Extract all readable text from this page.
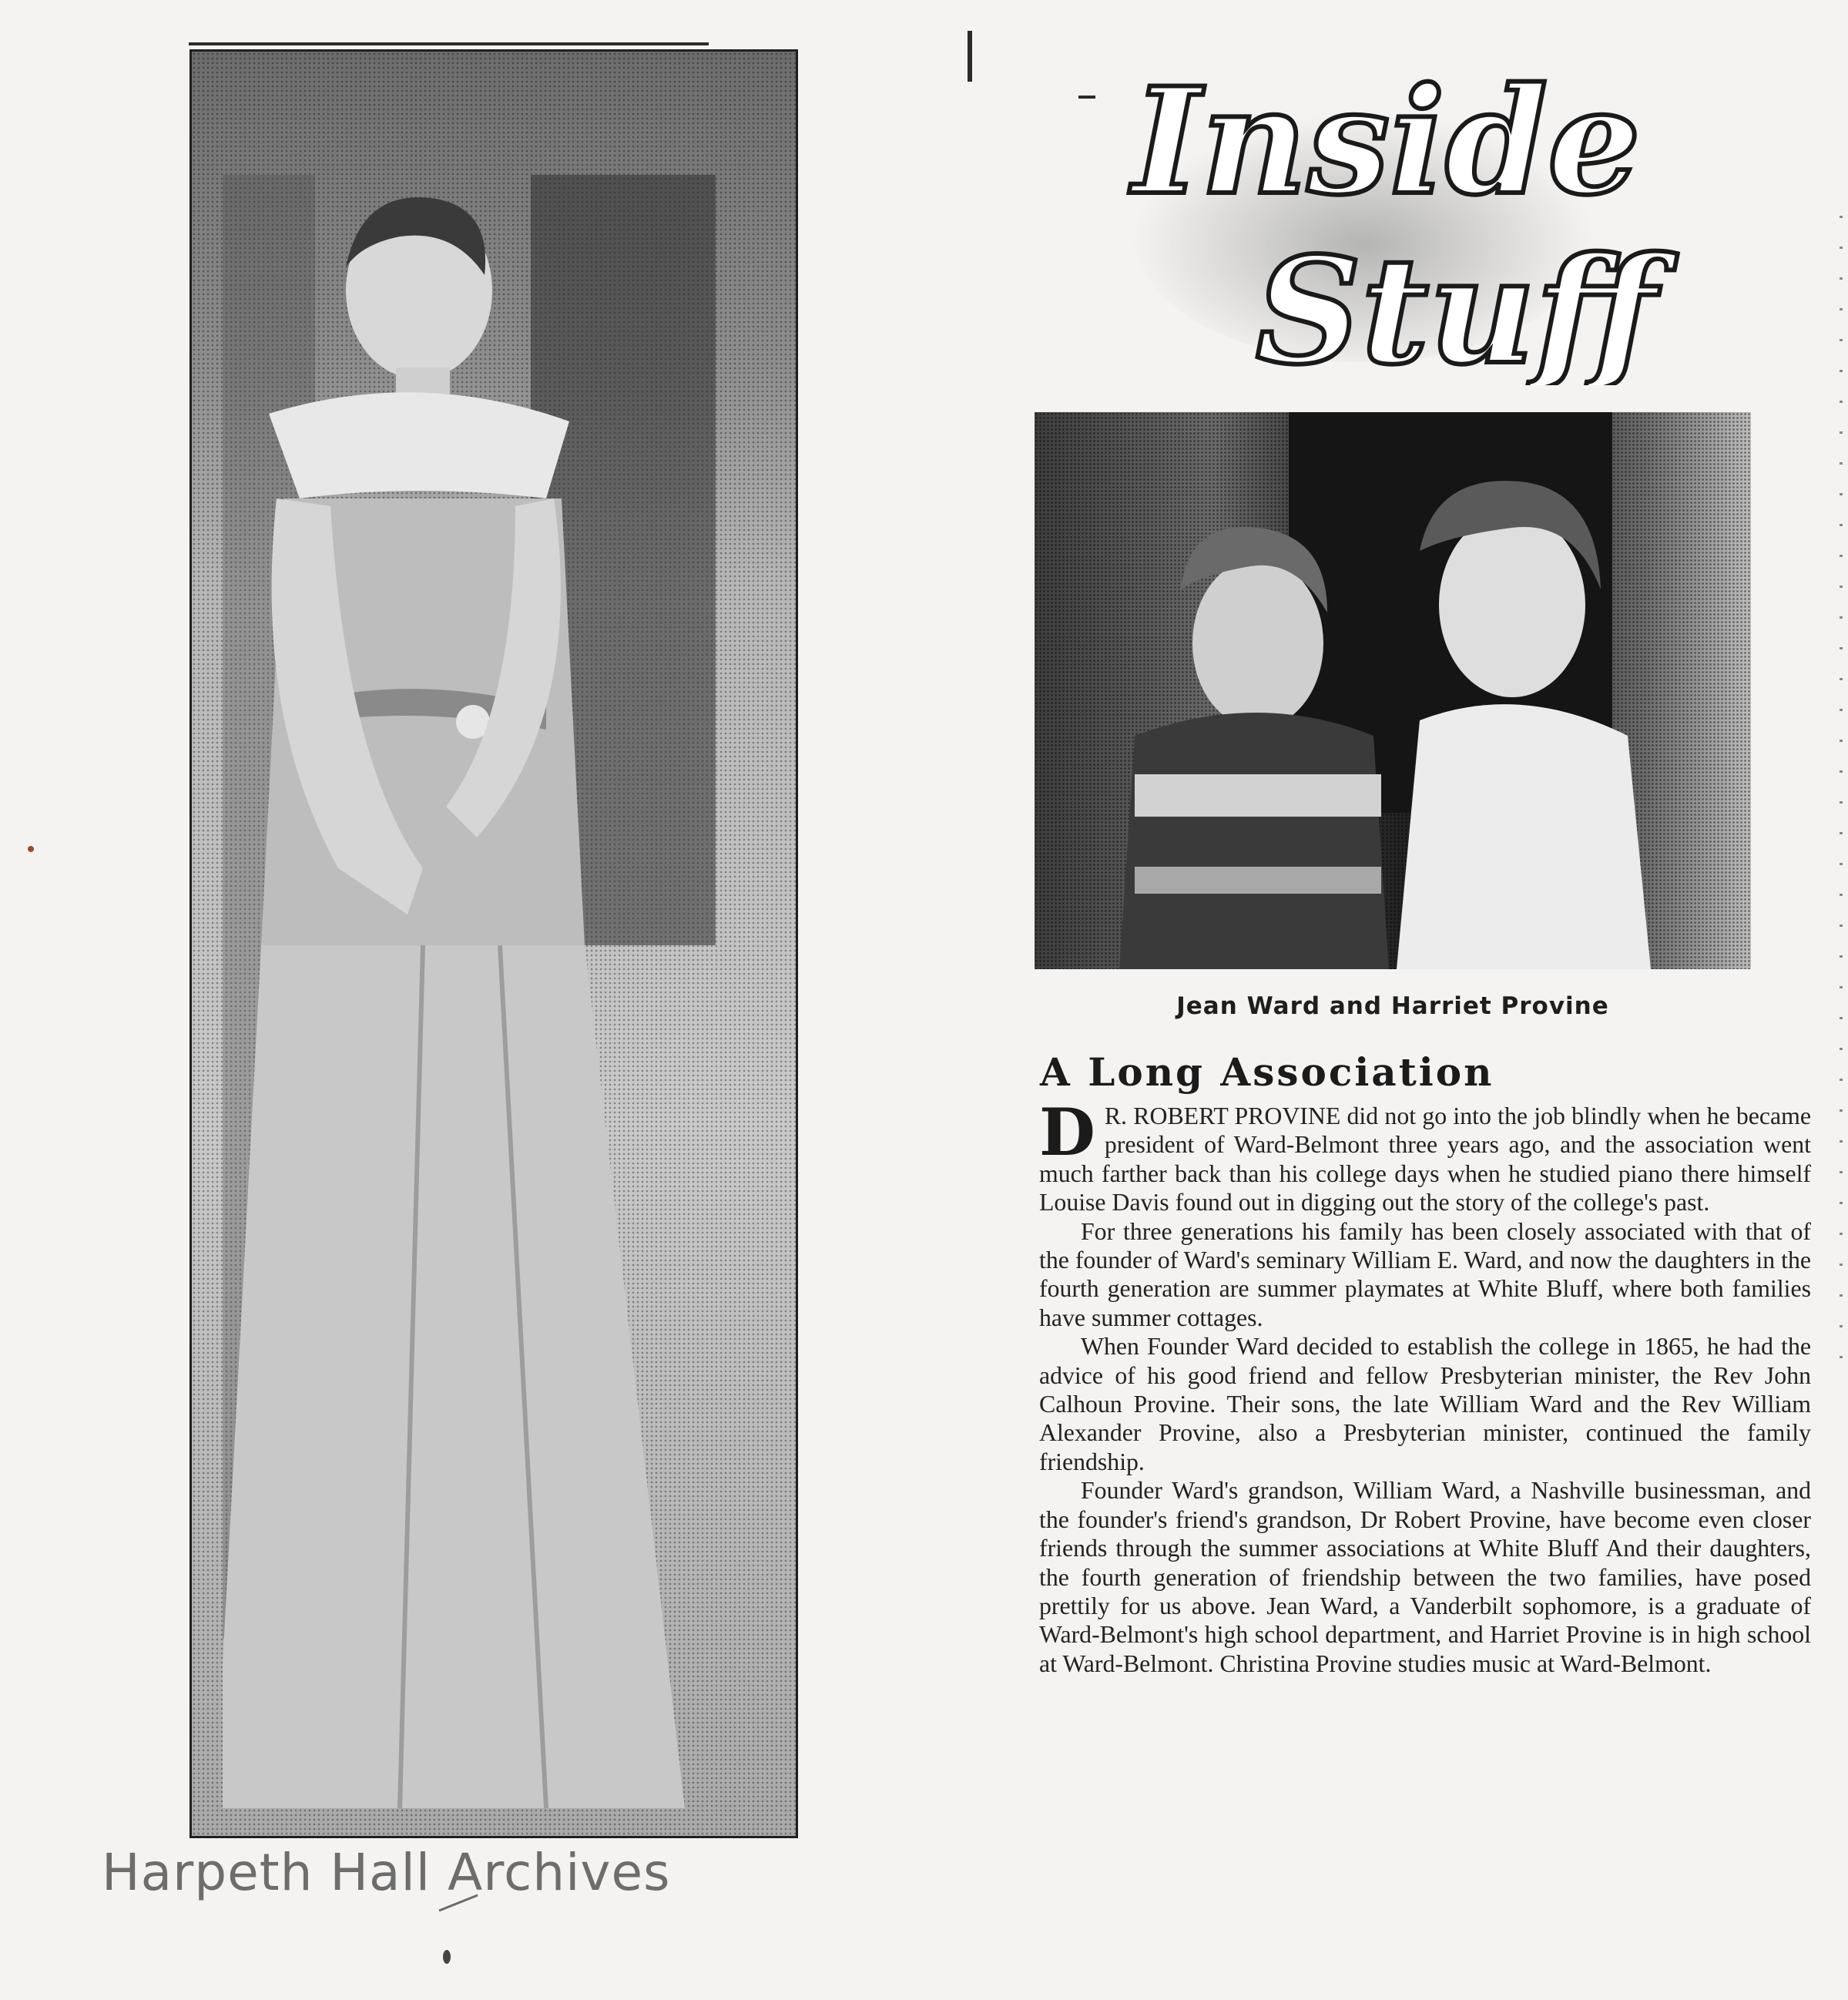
Harpeth Hall Archives
Inside
Stuff
Jean Ward and Harriet Provine
A Long Association

D R. ROBERT PROVINE did not go into the job blindly when he became president of Ward-Belmont three years ago, and the association went much farther back than his college days when he studied piano there himself Louise Davis found out in digging out the story of the college's past.

For three generations his family has been closely associated with that of the founder of Ward's seminary William E. Ward, and now the daughters in the fourth generation are summer playmates at White Bluff, where both families have summer cottages.

When Founder Ward decided to establish the college in 1865, he had the advice of his good friend and fellow Presbyterian minister, the Rev John Calhoun Provine. Their sons, the late William Ward and the Rev William Alexander Provine, also a Presbyterian minister, continued the family friendship.

Founder Ward's grandson, William Ward, a Nashville businessman, and the founder's friend's grandson, Dr Robert Provine, have become even closer friends through the summer associations at White Bluff And their daughters, the fourth generation of friendship between the two families, have posed prettily for us above. Jean Ward, a Vanderbilt sophomore, is a graduate of Ward-Belmont's high school department, and Harriet Provine is in high school at Ward-Belmont. Christina Provine studies music at Ward-Belmont.
